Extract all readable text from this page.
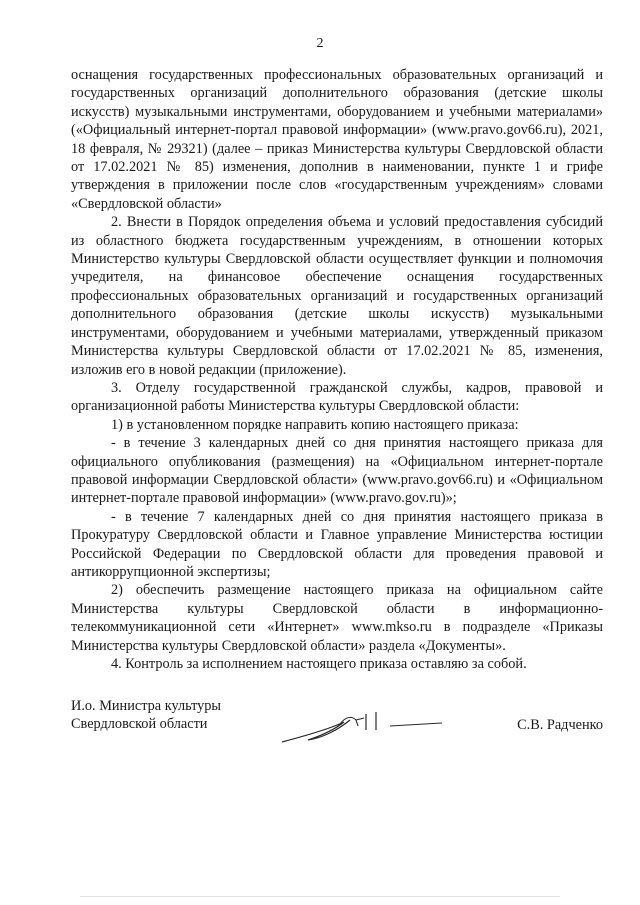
2

оснащения государственных профессиональных образовательных организаций и государственных организаций дополнительного образования (детские школы искусств) музыкальными инструментами, оборудованием и учебными материалами» («Официальный интернет-портал правовой информации» (www.pravo.gov66.ru), 2021, 18 февраля, № 29321) (далее – приказ Министерства культуры Свердловской области от 17.02.2021 № 85) изменения, дополнив в наименовании, пункте 1 и грифе утверждения в приложении после слов «государственным учреждениям» словами «Свердловской области»

2. Внести в Порядок определения объема и условий предоставления субсидий из областного бюджета государственным учреждениям, в отношении которых Министерство культуры Свердловской области осуществляет функции и полномочия учредителя, на финансовое обеспечение оснащения государственных профессиональных образовательных организаций и государственных организаций дополнительного образования (детские школы искусств) музыкальными инструментами, оборудованием и учебными материалами, утвержденный приказом Министерства культуры Свердловской области от 17.02.2021 № 85, изменения, изложив его в новой редакции (приложение).

3. Отделу государственной гражданской службы, кадров, правовой и организационной работы Министерства культуры Свердловской области:

1) в установленном порядке направить копию настоящего приказа:

- в течение 3 календарных дней со дня принятия настоящего приказа для официального опубликования (размещения) на «Официальном интернет-портале правовой информации Свердловской области» (www.pravo.gov66.ru) и «Официальном интернет-портале правовой информации» (www.pravo.gov.ru)»;

- в течение 7 календарных дней со дня принятия настоящего приказа в Прокуратуру Свердловской области и Главное управление Министерства юстиции Российской Федерации по Свердловской области для проведения правовой и антикоррупционной экспертизы;

2) обеспечить размещение настоящего приказа на официальном сайте Министерства культуры Свердловской области в информационно-телекоммуникационной сети «Интернет» www.mkso.ru в подразделе «Приказы Министерства культуры Свердловской области» раздела «Документы».

4. Контроль за исполнением настоящего приказа оставляю за собой.

И.о. Министра культуры
Свердловской области	С.В. Радченко
